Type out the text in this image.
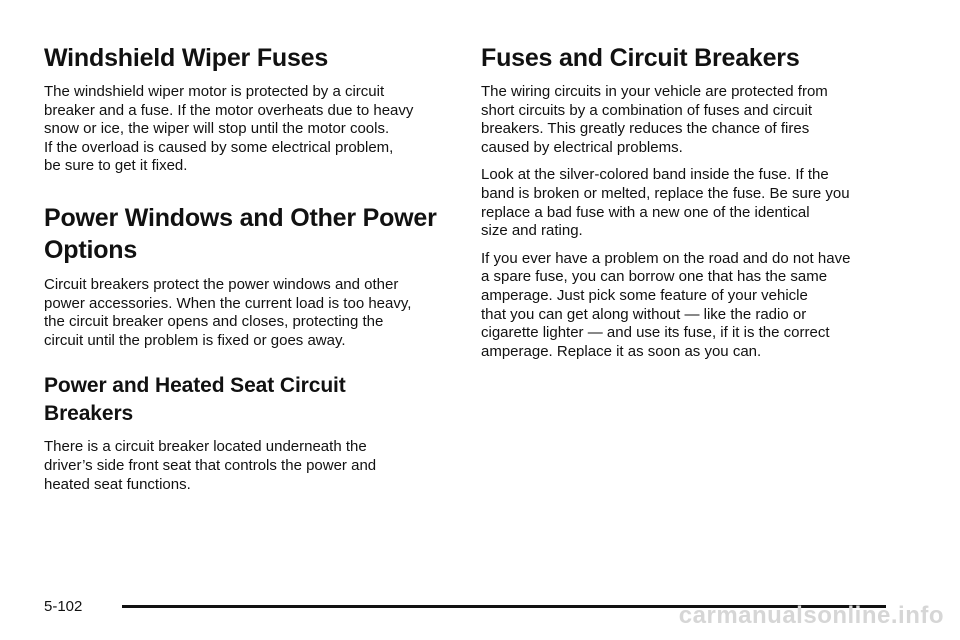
Windshield Wiper Fuses

The windshield wiper motor is protected by a circuit
breaker and a fuse. If the motor overheats due to heavy
snow or ice, the wiper will stop until the motor cools.
If the overload is caused by some electrical problem,
be sure to get it fixed.

Power Windows and Other Power
Options

Circuit breakers protect the power windows and other
power accessories. When the current load is too heavy,
the circuit breaker opens and closes, protecting the
circuit until the problem is fixed or goes away.

Power and Heated Seat Circuit
Breakers

There is a circuit breaker located underneath the
driver’s side front seat that controls the power and
heated seat functions.

Fuses and Circuit Breakers

The wiring circuits in your vehicle are protected from
short circuits by a combination of fuses and circuit
breakers. This greatly reduces the chance of fires
caused by electrical problems.

Look at the silver-colored band inside the fuse. If the
band is broken or melted, replace the fuse. Be sure you
replace a bad fuse with a new one of the identical
size and rating.

If you ever have a problem on the road and do not have
a spare fuse, you can borrow one that has the same
amperage. Just pick some feature of your vehicle
that you can get along without — like the radio or
cigarette lighter — and use its fuse, if it is the correct
amperage. Replace it as soon as you can.

5-102	carmanualsonline.info
